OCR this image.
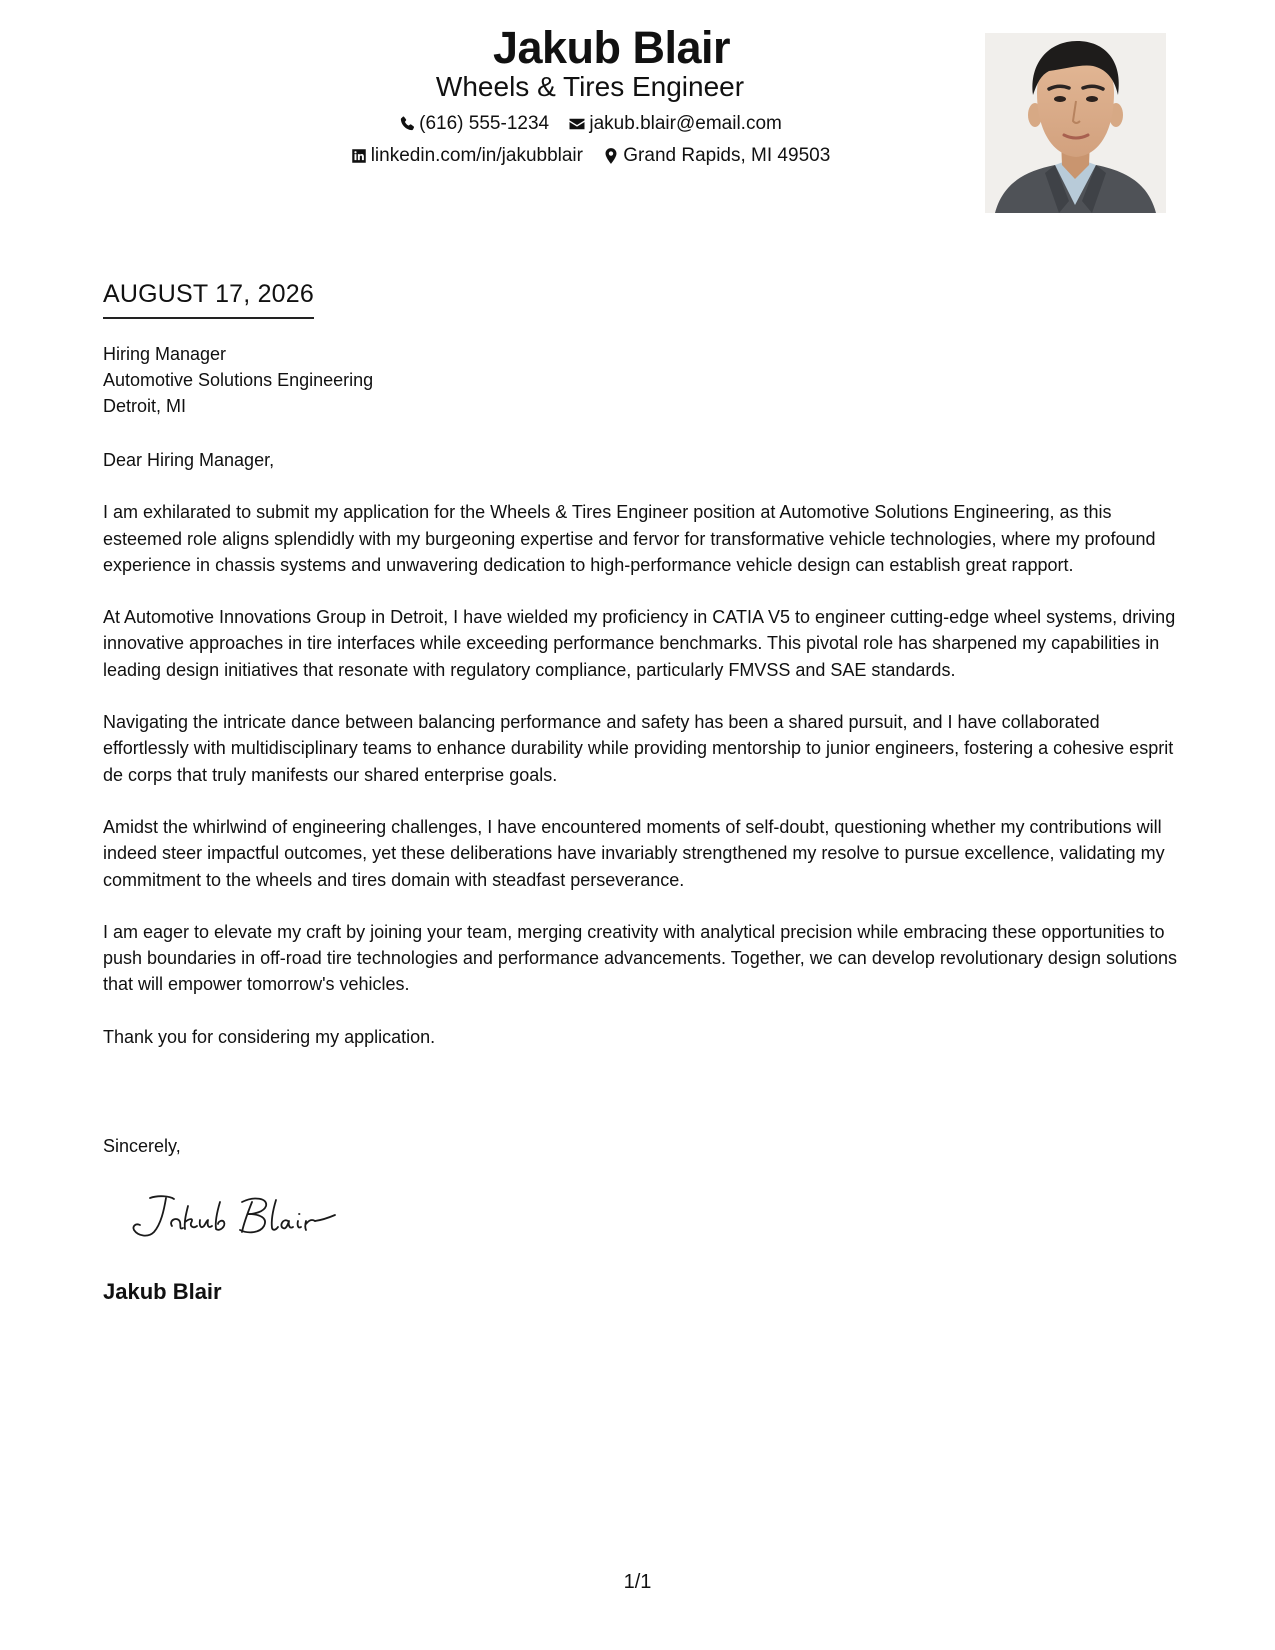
Jakub Blair
Wheels & Tires Engineer
(616) 555-1234
jakub.blair@email.com
linkedin.com/in/jakubblair
Grand Rapids, MI 49503
AUGUST 17, 2026
Hiring Manager
Automotive Solutions Engineering
Detroit, MI

Dear Hiring Manager,

I am exhilarated to submit my application for the Wheels & Tires Engineer position at Automotive Solutions Engineering, as this esteemed role aligns splendidly with my burgeoning expertise and fervor for transformative vehicle technologies, where my profound experience in chassis systems and unwavering dedication to high-performance vehicle design can establish great rapport.

At Automotive Innovations Group in Detroit, I have wielded my proficiency in CATIA V5 to engineer cutting-edge wheel systems, driving innovative approaches in tire interfaces while exceeding performance benchmarks. This pivotal role has sharpened my capabilities in leading design initiatives that resonate with regulatory compliance, particularly FMVSS and SAE standards.

Navigating the intricate dance between balancing performance and safety has been a shared pursuit, and I have collaborated effortlessly with multidisciplinary teams to enhance durability while providing mentorship to junior engineers, fostering a cohesive esprit de corps that truly manifests our shared enterprise goals.

Amidst the whirlwind of engineering challenges, I have encountered moments of self-doubt, questioning whether my contributions will indeed steer impactful outcomes, yet these deliberations have invariably strengthened my resolve to pursue excellence, validating my commitment to the wheels and tires domain with steadfast perseverance.

I am eager to elevate my craft by joining your team, merging creativity with analytical precision while embracing these opportunities to push boundaries in off-road tire technologies and performance advancements. Together, we can develop revolutionary design solutions that will empower tomorrow's vehicles.

Thank you for considering my application.

Sincerely,
Jakub Blair
1/1
